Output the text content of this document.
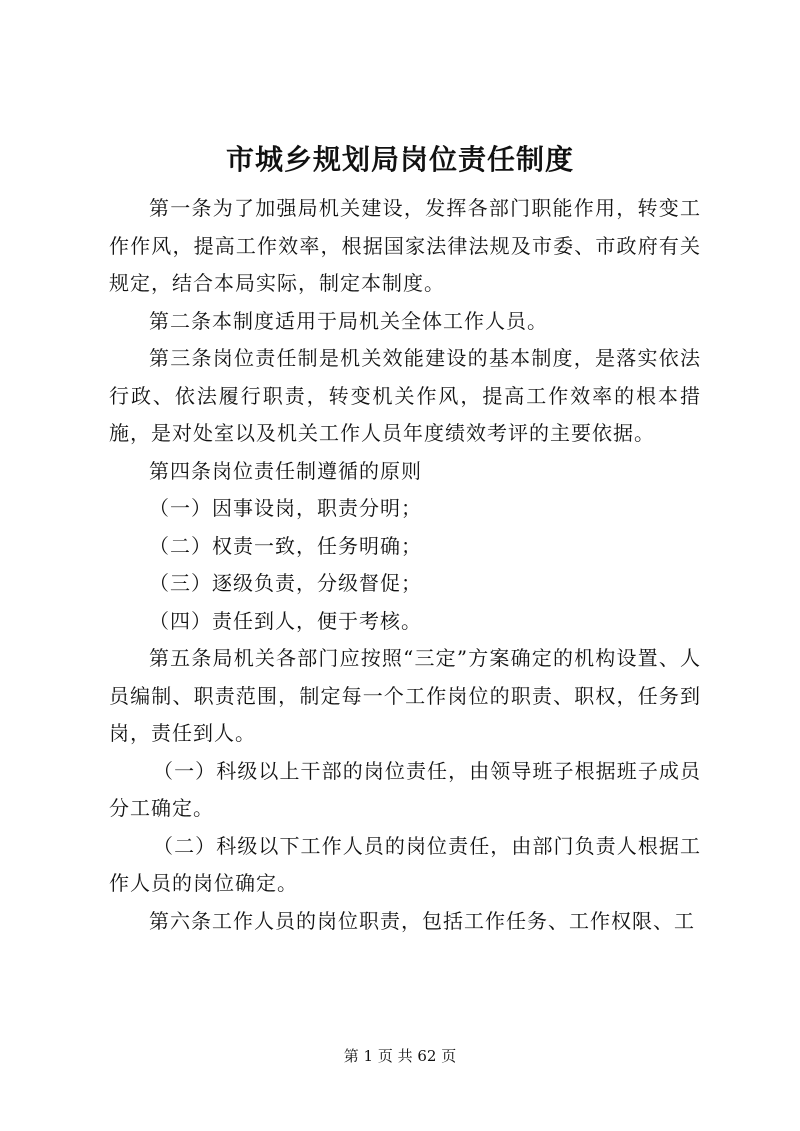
市城乡规划局岗位责任制度

第一条为了加强局机关建设，发挥各部门职能作用，转变工作作风，提高工作效率，根据国家法律法规及市委、市政府有关规定，结合本局实际，制定本制度。

第二条本制度适用于局机关全体工作人员。

第三条岗位责任制是机关效能建设的基本制度，是落实依法行政、依法履行职责，转变机关作风，提高工作效率的根本措施，是对处室以及机关工作人员年度绩效考评的主要依据。

第四条岗位责任制遵循的原则

（一）因事设岗，职责分明；

（二）权责一致，任务明确；

（三）逐级负责，分级督促；

（四）责任到人，便于考核。

第五条局机关各部门应按照“三定”方案确定的机构设置、人员编制、职责范围，制定每一个工作岗位的职责、职权，任务到岗，责任到人。

（一）科级以上干部的岗位责任，由领导班子根据班子成员分工确定。

（二）科级以下工作人员的岗位责任，由部门负责人根据工作人员的岗位确定。

第六条工作人员的岗位职责，包括工作任务、工作权限、工

第 1 页 共 62 页
